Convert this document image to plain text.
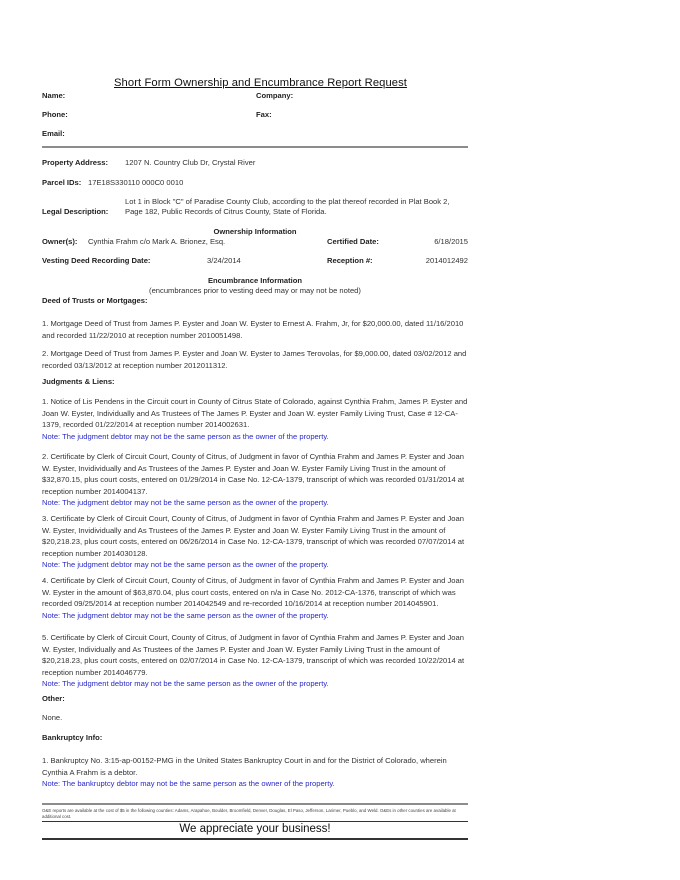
Short Form Ownership and Encumbrance Report Request
Name:	Company:
Phone:	Fax:
Email:
Property Address: 1207 N. Country Club Dr, Crystal River
Parcel IDs: 17E18S330110 000C0 0010
Legal Description:
Lot 1 in Block "C" of Paradise County Club, according to the plat thereof recorded in Plat Book 2,
Page 182, Public Records of Citrus County, State of Florida.
Ownership Information
Owner(s): Cynthia Frahm c/o Mark A. Brionez, Esq.	Certified Date:	6/18/2015
Vesting Deed Recording Date:	3/24/2014	Reception #:	2014012492
Encumbrance Information
(encumbrances prior to vesting deed may or may not be noted)
Deed of Trusts or Mortgages:
1. Mortgage Deed of Trust from James P. Eyster and Joan W. Eyster to Ernest A. Frahm, Jr, for $20,000.00, dated 11/16/2010 and recorded 11/22/2010 at reception number 2010051498.
2. Mortgage Deed of Trust from James P. Eyster and Joan W. Eyster to James Terovolas, for $9,000.00, dated 03/02/2012 and recorded 03/13/2012 at reception number 2012011312.
Judgments & Liens:
1. Notice of Lis Pendens in the Circuit court in County of Citrus State of Colorado, against Cynthia Frahm, James P. Eyster and Joan W. Eyster, Individually and As Trustees of The James P. Eyster and Joan W. eyster Family Living Trust, Case # 12-CA-1379, recorded 01/22/2014 at reception number 2014002631.
Note: The judgment debtor may not be the same person as the owner of the property.
2. Certificate by Clerk of Circuit Court, County of Citrus, of Judgment in favor of Cynthia Frahm and James P. Eyster and Joan W. Eyster, Invidividually and As Trustees of the James P. Eyster and Joan W. Eyster Family Living Trust in the amount of $32,870.15, plus court costs, entered on 01/29/2014 in Case No. 12-CA-1379, transcript of which was recorded 01/31/2014 at reception number 2014004137.
Note: The judgment debtor may not be the same person as the owner of the property.
3. Certificate by Clerk of Circuit Court, County of Citrus, of Judgment in favor of Cynthia Frahm and James P. Eyster and Joan W. Eyster, Invidividually and As Trustees of the James P. Eyster and Joan W. Eyster Family Living Trust in the amount of $20,218.23, plus court costs, entered on 06/26/2014 in Case No. 12-CA-1379, transcript of which was recorded 07/07/2014 at reception number 2014030128.
Note: The judgment debtor may not be the same person as the owner of the property.
4. Certificate by Clerk of Circuit Court, County of Citrus, of Judgment in favor of Cynthia Frahm and James P. Eyster and Joan W. Eyster in the amount of $63,870.04, plus court costs, entered on n/a in Case No. 2012-CA-1376, transcript of which was recorded 09/25/2014 at reception number 2014042549 and re-recorded 10/16/2014 at reception number 2014045901.
Note: The judgment debtor may not be the same person as the owner of the property.
5. Certificate by Clerk of Circuit Court, County of Citrus, of Judgment in favor of Cynthia Frahm and James P. Eyster and Joan W. Eyster, Individually and As Trustees of the James P. Eyster and Joan W. Eyster Family Living Trust in the amount of $20,218.23, plus court costs, entered on 02/07/2014 in Case No. 12-CA-1379, transcript of which was recorded 10/22/2014 at reception number 2014046779.
Note: The judgment debtor may not be the same person as the owner of the property.
Other:
None.
Bankruptcy Info:
1. Bankruptcy No. 3:15-ap-00152-PMG in the United States Bankruptcy Court in and for the District of Colorado, wherein Cynthia A Frahm is a debtor.
Note: The bankruptcy debtor may not be the same person as the owner of the property.
O&E reports are available at the cost of $5 in the following counties: Adams, Arapahoe, Boulder, Broomfield, Denver, Douglas, El Paso, Jefferson, Larimer, Pueblo, and Weld. O&Es in other counties are available at additional cost.
We appreciate your business!
